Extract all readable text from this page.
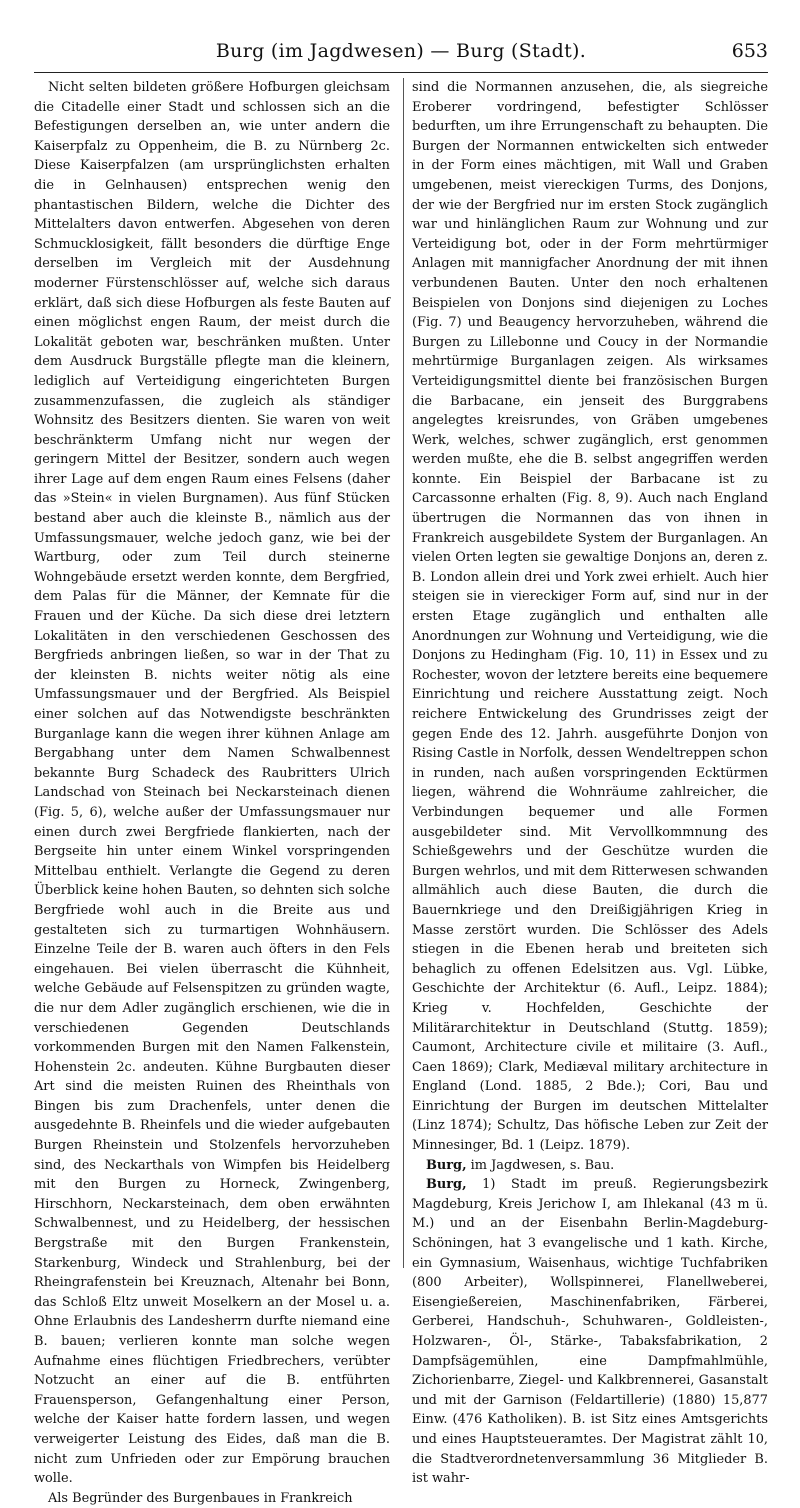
Burg (im Jagdwesen) — Burg (Stadt).	653

Nicht selten bildeten größere Hofburgen gleichsam die Citadelle einer Stadt und schlossen sich an die Befestigungen derselben an, wie unter andern die Kaiserpfalz zu Oppenheim, die B. zu Nürnberg 2c. Diese Kaiserpfalzen (am ursprünglichsten erhalten die in Gelnhausen) entsprechen wenig den phantastischen Bildern, welche die Dichter des Mittelalters davon entwerfen. Abgesehen von deren Schmucklosigkeit, fällt besonders die dürftige Enge derselben im Vergleich mit der Ausdehnung moderner Fürstenschlösser auf, welche sich daraus erklärt, daß sich diese Hofburgen als feste Bauten auf einen möglichst engen Raum, der meist durch die Lokalität geboten war, beschränken mußten. Unter dem Ausdruck Burgställe pflegte man die kleinern, lediglich auf Verteidigung eingerichteten Burgen zusammenzufassen, die zugleich als ständiger Wohnsitz des Besitzers dienten. Sie waren von weit beschränkterm Umfang nicht nur wegen der geringern Mittel der Besitzer, sondern auch wegen ihrer Lage auf dem engen Raum eines Felsens (daher das »Stein« in vielen Burgnamen). Aus fünf Stücken bestand aber auch die kleinste B., nämlich aus der Umfassungsmauer, welche jedoch ganz, wie bei der Wartburg, oder zum Teil durch steinerne Wohngebäude ersetzt werden konnte, dem Bergfried, dem Palas für die Männer, der Kemnate für die Frauen und der Küche. Da sich diese drei letztern Lokalitäten in den verschiedenen Geschossen des Bergfrieds anbringen ließen, so war in der That zu der kleinsten B. nichts weiter nötig als eine Umfassungsmauer und der Bergfried. Als Beispiel einer solchen auf das Notwendigste beschränkten Burganlage kann die wegen ihrer kühnen Anlage am Bergabhang unter dem Namen Schwalbennest bekannte Burg Schadeck des Raubritters Ulrich Landschad von Steinach bei Neckarsteinach dienen (Fig. 5, 6), welche außer der Umfassungsmauer nur einen durch zwei Bergfriede flankierten, nach der Bergseite hin unter einem Winkel vorspringenden Mittelbau enthielt. Verlangte die Gegend zu deren Überblick keine hohen Bauten, so dehnten sich solche Bergfriede wohl auch in die Breite aus und gestalteten sich zu turmartigen Wohnhäusern. Einzelne Teile der B. waren auch öfters in den Fels eingehauen. Bei vielen überrascht die Kühnheit, welche Gebäude auf Felsenspitzen zu gründen wagte, die nur dem Adler zugänglich erschienen, wie die in verschiedenen Gegenden Deutschlands vorkommenden Burgen mit den Namen Falkenstein, Hohenstein 2c. andeuten. Kühne Burgbauten dieser Art sind die meisten Ruinen des Rheinthals von Bingen bis zum Drachenfels, unter denen die ausgedehnte B. Rheinfels und die wieder aufgebauten Burgen Rheinstein und Stolzenfels hervorzuheben sind, des Neckarthals von Wimpfen bis Heidelberg mit den Burgen zu Horneck, Zwingenberg, Hirschhorn, Neckarsteinach, dem oben erwähnten Schwalbennest, und zu Heidelberg, der hessischen Bergstraße mit den Burgen Frankenstein, Starkenburg, Windeck und Strahlenburg, bei der Rheingrafenstein bei Kreuznach, Altenahr bei Bonn, das Schloß Eltz unweit Moselkern an der Mosel u. a. Ohne Erlaubnis des Landesherrn durfte niemand eine B. bauen; verlieren konnte man solche wegen Aufnahme eines flüchtigen Friedbrechers, verübter Notzucht an einer auf die B. entführten Frauensperson, Gefangenhaltung einer Person, welche der Kaiser hatte fordern lassen, und wegen verweigerter Leistung des Eides, daß man die B. nicht zum Unfrieden oder zur Empörung brauchen wolle.

Als Begründer des Burgenbaues in Frankreich

sind die Normannen anzusehen, die, als siegreiche Eroberer vordringend, befestigter Schlösser bedurften, um ihre Errungenschaft zu behaupten. Die Burgen der Normannen entwickelten sich entweder in der Form eines mächtigen, mit Wall und Graben umgebenen, meist viereckigen Turms, des Donjons, der wie der Bergfried nur im ersten Stock zugänglich war und hinlänglichen Raum zur Wohnung und zur Verteidigung bot, oder in der Form mehrtürmiger Anlagen mit mannigfacher Anordnung der mit ihnen verbundenen Bauten. Unter den noch erhaltenen Beispielen von Donjons sind diejenigen zu Loches (Fig. 7) und Beaugency hervorzuheben, während die Burgen zu Lillebonne und Coucy in der Normandie mehrtürmige Burganlagen zeigen. Als wirksames Verteidigungsmittel diente bei französischen Burgen die Barbacane, ein jenseit des Burggrabens angelegtes kreisrundes, von Gräben umgebenes Werk, welches, schwer zugänglich, erst genommen werden mußte, ehe die B. selbst angegriffen werden konnte. Ein Beispiel der Barbacane ist zu Carcassonne erhalten (Fig. 8, 9). Auch nach England übertrugen die Normannen das von ihnen in Frankreich ausgebildete System der Burganlagen. An vielen Orten legten sie gewaltige Donjons an, deren z. B. London allein drei und York zwei erhielt. Auch hier steigen sie in viereckiger Form auf, sind nur in der ersten Etage zugänglich und enthalten alle Anordnungen zur Wohnung und Verteidigung, wie die Donjons zu Hedingham (Fig. 10, 11) in Essex und zu Rochester, wovon der letztere bereits eine bequemere Einrichtung und reichere Ausstattung zeigt. Noch reichere Entwickelung des Grundrisses zeigt der gegen Ende des 12. Jahrh. ausgeführte Donjon von Rising Castle in Norfolk, dessen Wendeltreppen schon in runden, nach außen vorspringenden Ecktürmen liegen, während die Wohnräume zahlreicher, die Verbindungen bequemer und alle Formen ausgebildeter sind. Mit Vervollkommnung des Schießgewehrs und der Geschütze wurden die Burgen wehrlos, und mit dem Ritterwesen schwanden allmählich auch diese Bauten, die durch die Bauernkriege und den Dreißigjährigen Krieg in Masse zerstört wurden. Die Schlösser des Adels stiegen in die Ebenen herab und breiteten sich behaglich zu offenen Edelsitzen aus. Vgl. Lübke, Geschichte der Architektur (6. Aufl., Leipz. 1884); Krieg v. Hochfelden, Geschichte der Militärarchitektur in Deutschland (Stuttg. 1859); Caumont, Architecture civile et militaire (3. Aufl., Caen 1869); Clark, Mediæval military architecture in England (Lond. 1885, 2 Bde.); Cori, Bau und Einrichtung der Burgen im deutschen Mittelalter (Linz 1874); Schultz, Das höfische Leben zur Zeit der Minnesinger, Bd. 1 (Leipz. 1879).

Burg, im Jagdwesen, s. Bau.

Burg, 1) Stadt im preuß. Regierungsbezirk Magdeburg, Kreis Jerichow I, am Ihlekanal (43 m ü. M.) und an der Eisenbahn Berlin-Magdeburg-Schöningen, hat 3 evangelische und 1 kath. Kirche, ein Gymnasium, Waisenhaus, wichtige Tuchfabriken (800 Arbeiter), Wollspinnerei, Flanellweberei, Eisengießereien, Maschinenfabriken, Färberei, Gerberei, Handschuh-, Schuhwaren-, Goldleisten-, Holzwaren-, Öl-, Stärke-, Tabaksfabrikation, 2 Dampfsägemühlen, eine Dampfmahlmühle, Zichorienbarre, Ziegel- und Kalkbrennerei, Gasanstalt und mit der Garnison (Feldartillerie) (1880) 15,877 Einw. (476 Katholiken). B. ist Sitz eines Amtsgerichts und eines Hauptsteueramtes. Der Magistrat zählt 10, die Stadtverordnetenversammlung 36 Mitglieder B. ist wahr-
